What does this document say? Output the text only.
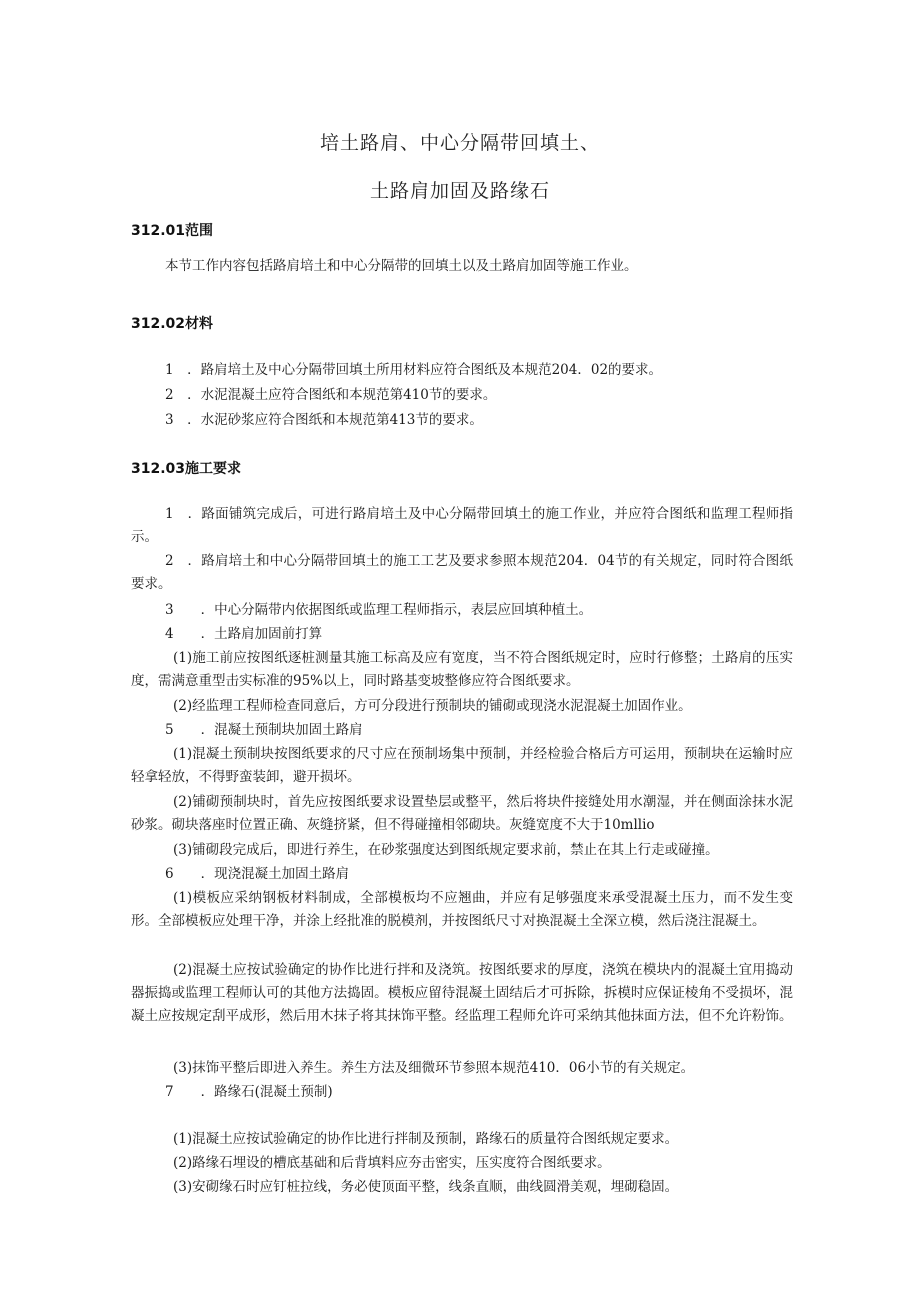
培土路肩、中心分隔带回填土、
土路肩加固及路缘石
312.01范围
本节工作内容包括路肩培土和中心分隔带的回填土以及土路肩加固等施工作业。
312.02材料
1　．路肩培土及中心分隔带回填土所用材料应符合图纸及本规范204．02的要求。
2　．水泥混凝土应符合图纸和本规范第410节的要求。
3　．水泥砂浆应符合图纸和本规范第413节的要求。
312.03施工要求
1　．路面铺筑完成后，可进行路肩培土及中心分隔带回填土的施工作业，并应符合图纸和监理工程师指示。
2　．路肩培土和中心分隔带回填土的施工工艺及要求参照本规范204．04节的有关规定，同时符合图纸要求。
3　　．中心分隔带内依据图纸或监理工程师指示，表层应回填种植土。
4　　．土路肩加固前打算
(1)施工前应按图纸逐桩测量其施工标高及应有宽度，当不符合图纸规定时，应时行修整；土路肩的压实度，需满意重型击实标准的95%以上，同时路基变坡整修应符合图纸要求。
(2)经监理工程师检查同意后，方可分段进行预制块的铺砌或现浇水泥混凝土加固作业。
5　　．混凝土预制块加固土路肩
(1)混凝土预制块按图纸要求的尺寸应在预制场集中预制，并经检验合格后方可运用，预制块在运输时应轻拿轻放，不得野蛮装卸，避开损坏。
(2)铺砌预制块时，首先应按图纸要求设置垫层或整平，然后将块件接缝处用水潮湿，并在侧面涂抹水泥砂浆。砌块落座时位置正确、灰缝挤紧，但不得碰撞相邻砌块。灰缝宽度不大于10mllio
(3)铺砌段完成后，即进行养生，在砂浆强度达到图纸规定要求前，禁止在其上行走或碰撞。
6　　．现浇混凝土加固土路肩
(1)模板应采纳钢板材料制成，全部模板均不应翘曲，并应有足够强度来承受混凝土压力，而不发生变形。全部模板应处理干净，并涂上经批准的脱模剂，并按图纸尺寸对换混凝土全深立模，然后浇注混凝土。
(2)混凝土应按试验确定的协作比进行拌和及浇筑。按图纸要求的厚度，浇筑在模块内的混凝土宜用捣动器振捣或监理工程师认可的其他方法捣固。模板应留待混凝土固结后才可拆除，拆模时应保证棱角不受损坏，混凝土应按规定刮平成形，然后用木抹子将其抹饰平整。经监理工程师允许可采纳其他抹面方法，但不允许粉饰。
(3)抹饰平整后即进入养生。养生方法及细微环节参照本规范410．06小节的有关规定。
7　　．路缘石(混凝土预制)
(1)混凝土应按试验确定的协作比进行拌制及预制，路缘石的质量符合图纸规定要求。
(2)路缘石埋设的槽底基础和后背填料应夯击密实，压实度符合图纸要求。
(3)安砌缘石时应钉桩拉线，务必使顶面平整，线条直顺，曲线圆滑美观，埋砌稳固。
